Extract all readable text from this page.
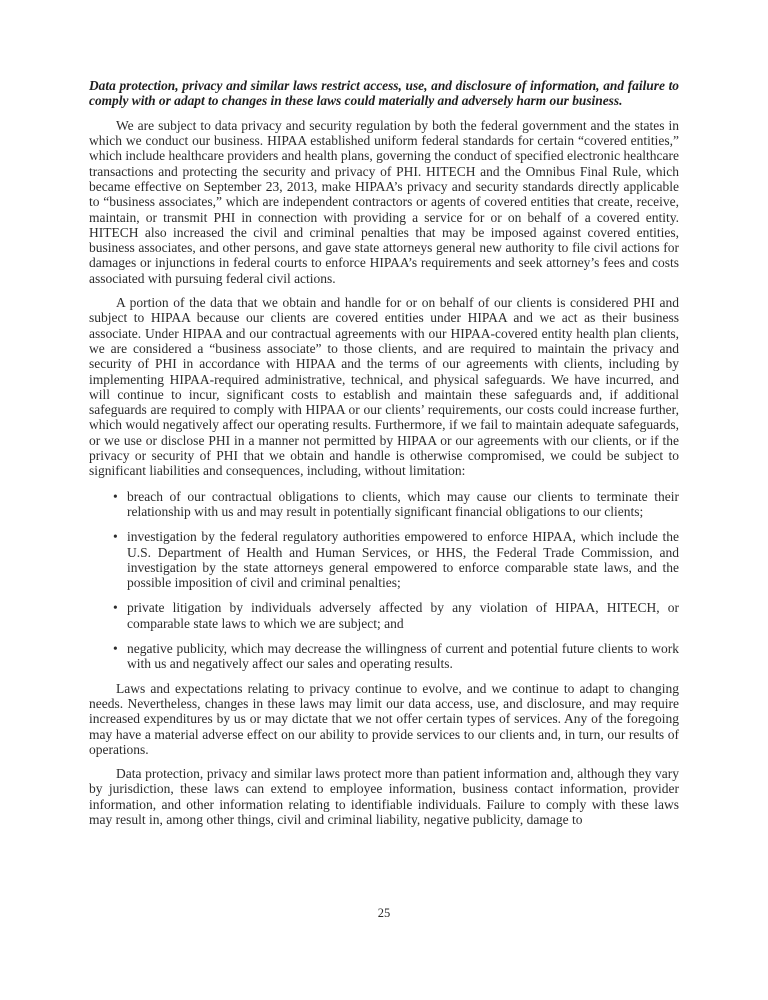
Data protection, privacy and similar laws restrict access, use, and disclosure of information, and failure to comply with or adapt to changes in these laws could materially and adversely harm our business.

We are subject to data privacy and security regulation by both the federal government and the states in which we conduct our business. HIPAA established uniform federal standards for certain “covered entities,” which include healthcare providers and health plans, governing the conduct of specified electronic healthcare transactions and protecting the security and privacy of PHI. HITECH and the Omnibus Final Rule, which became effective on September 23, 2013, make HIPAA’s privacy and security standards directly applicable to “business associates,” which are independent contractors or agents of covered entities that create, receive, maintain, or transmit PHI in connection with providing a service for or on behalf of a covered entity. HITECH also increased the civil and criminal penalties that may be imposed against covered entities, business associates, and other persons, and gave state attorneys general new authority to file civil actions for damages or injunctions in federal courts to enforce HIPAA’s requirements and seek attorney’s fees and costs associated with pursuing federal civil actions.

A portion of the data that we obtain and handle for or on behalf of our clients is considered PHI and subject to HIPAA because our clients are covered entities under HIPAA and we act as their business associate. Under HIPAA and our contractual agreements with our HIPAA-covered entity health plan clients, we are considered a “business associate” to those clients, and are required to maintain the privacy and security of PHI in accordance with HIPAA and the terms of our agreements with clients, including by implementing HIPAA-required administrative, technical, and physical safeguards. We have incurred, and will continue to incur, significant costs to establish and maintain these safeguards and, if additional safeguards are required to comply with HIPAA or our clients’ requirements, our costs could increase further, which would negatively affect our operating results. Furthermore, if we fail to maintain adequate safeguards, or we use or disclose PHI in a manner not permitted by HIPAA or our agreements with our clients, or if the privacy or security of PHI that we obtain and handle is otherwise compromised, we could be subject to significant liabilities and consequences, including, without limitation:

• breach of our contractual obligations to clients, which may cause our clients to terminate their relationship with us and may result in potentially significant financial obligations to our clients;
• investigation by the federal regulatory authorities empowered to enforce HIPAA, which include the U.S. Department of Health and Human Services, or HHS, the Federal Trade Commission, and investigation by the state attorneys general empowered to enforce comparable state laws, and the possible imposition of civil and criminal penalties;
• private litigation by individuals adversely affected by any violation of HIPAA, HITECH, or comparable state laws to which we are subject; and
• negative publicity, which may decrease the willingness of current and potential future clients to work with us and negatively affect our sales and operating results.

Laws and expectations relating to privacy continue to evolve, and we continue to adapt to changing needs. Nevertheless, changes in these laws may limit our data access, use, and disclosure, and may require increased expenditures by us or may dictate that we not offer certain types of services. Any of the foregoing may have a material adverse effect on our ability to provide services to our clients and, in turn, our results of operations.

Data protection, privacy and similar laws protect more than patient information and, although they vary by jurisdiction, these laws can extend to employee information, business contact information, provider information, and other information relating to identifiable individuals. Failure to comply with these laws may result in, among other things, civil and criminal liability, negative publicity, damage to

25
